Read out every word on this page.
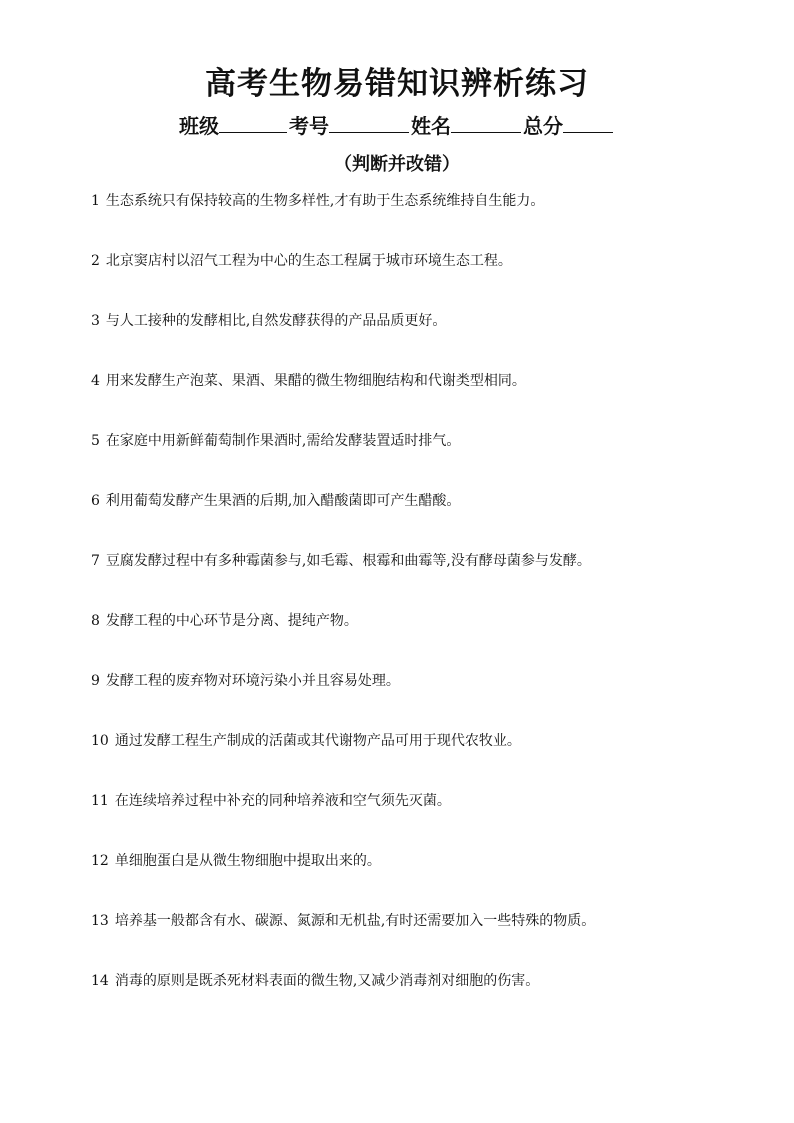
高考生物易错知识辨析练习
班级	考号	姓名	总分
（判断并改错）
1 生态系统只有保持较高的生物多样性,才有助于生态系统维持自生能力。
2 北京窦店村以沼气工程为中心的生态工程属于城市环境生态工程。
3 与人工接种的发酵相比,自然发酵获得的产品品质更好。
4 用来发酵生产泡菜、果酒、果醋的微生物细胞结构和代谢类型相同。
5 在家庭中用新鲜葡萄制作果酒时,需给发酵装置适时排气。
6 利用葡萄发酵产生果酒的后期,加入醋酸菌即可产生醋酸。
7 豆腐发酵过程中有多种霉菌参与,如毛霉、根霉和曲霉等,没有酵母菌参与发酵。
8 发酵工程的中心环节是分离、提纯产物。
9 发酵工程的废弃物对环境污染小并且容易处理。
10 通过发酵工程生产制成的活菌或其代谢物产品可用于现代农牧业。
11 在连续培养过程中补充的同种培养液和空气须先灭菌。
12 单细胞蛋白是从微生物细胞中提取出来的。
13 培养基一般都含有水、碳源、氮源和无机盐,有时还需要加入一些特殊的物质。
14 消毒的原则是既杀死材料表面的微生物,又减少消毒剂对细胞的伤害。
